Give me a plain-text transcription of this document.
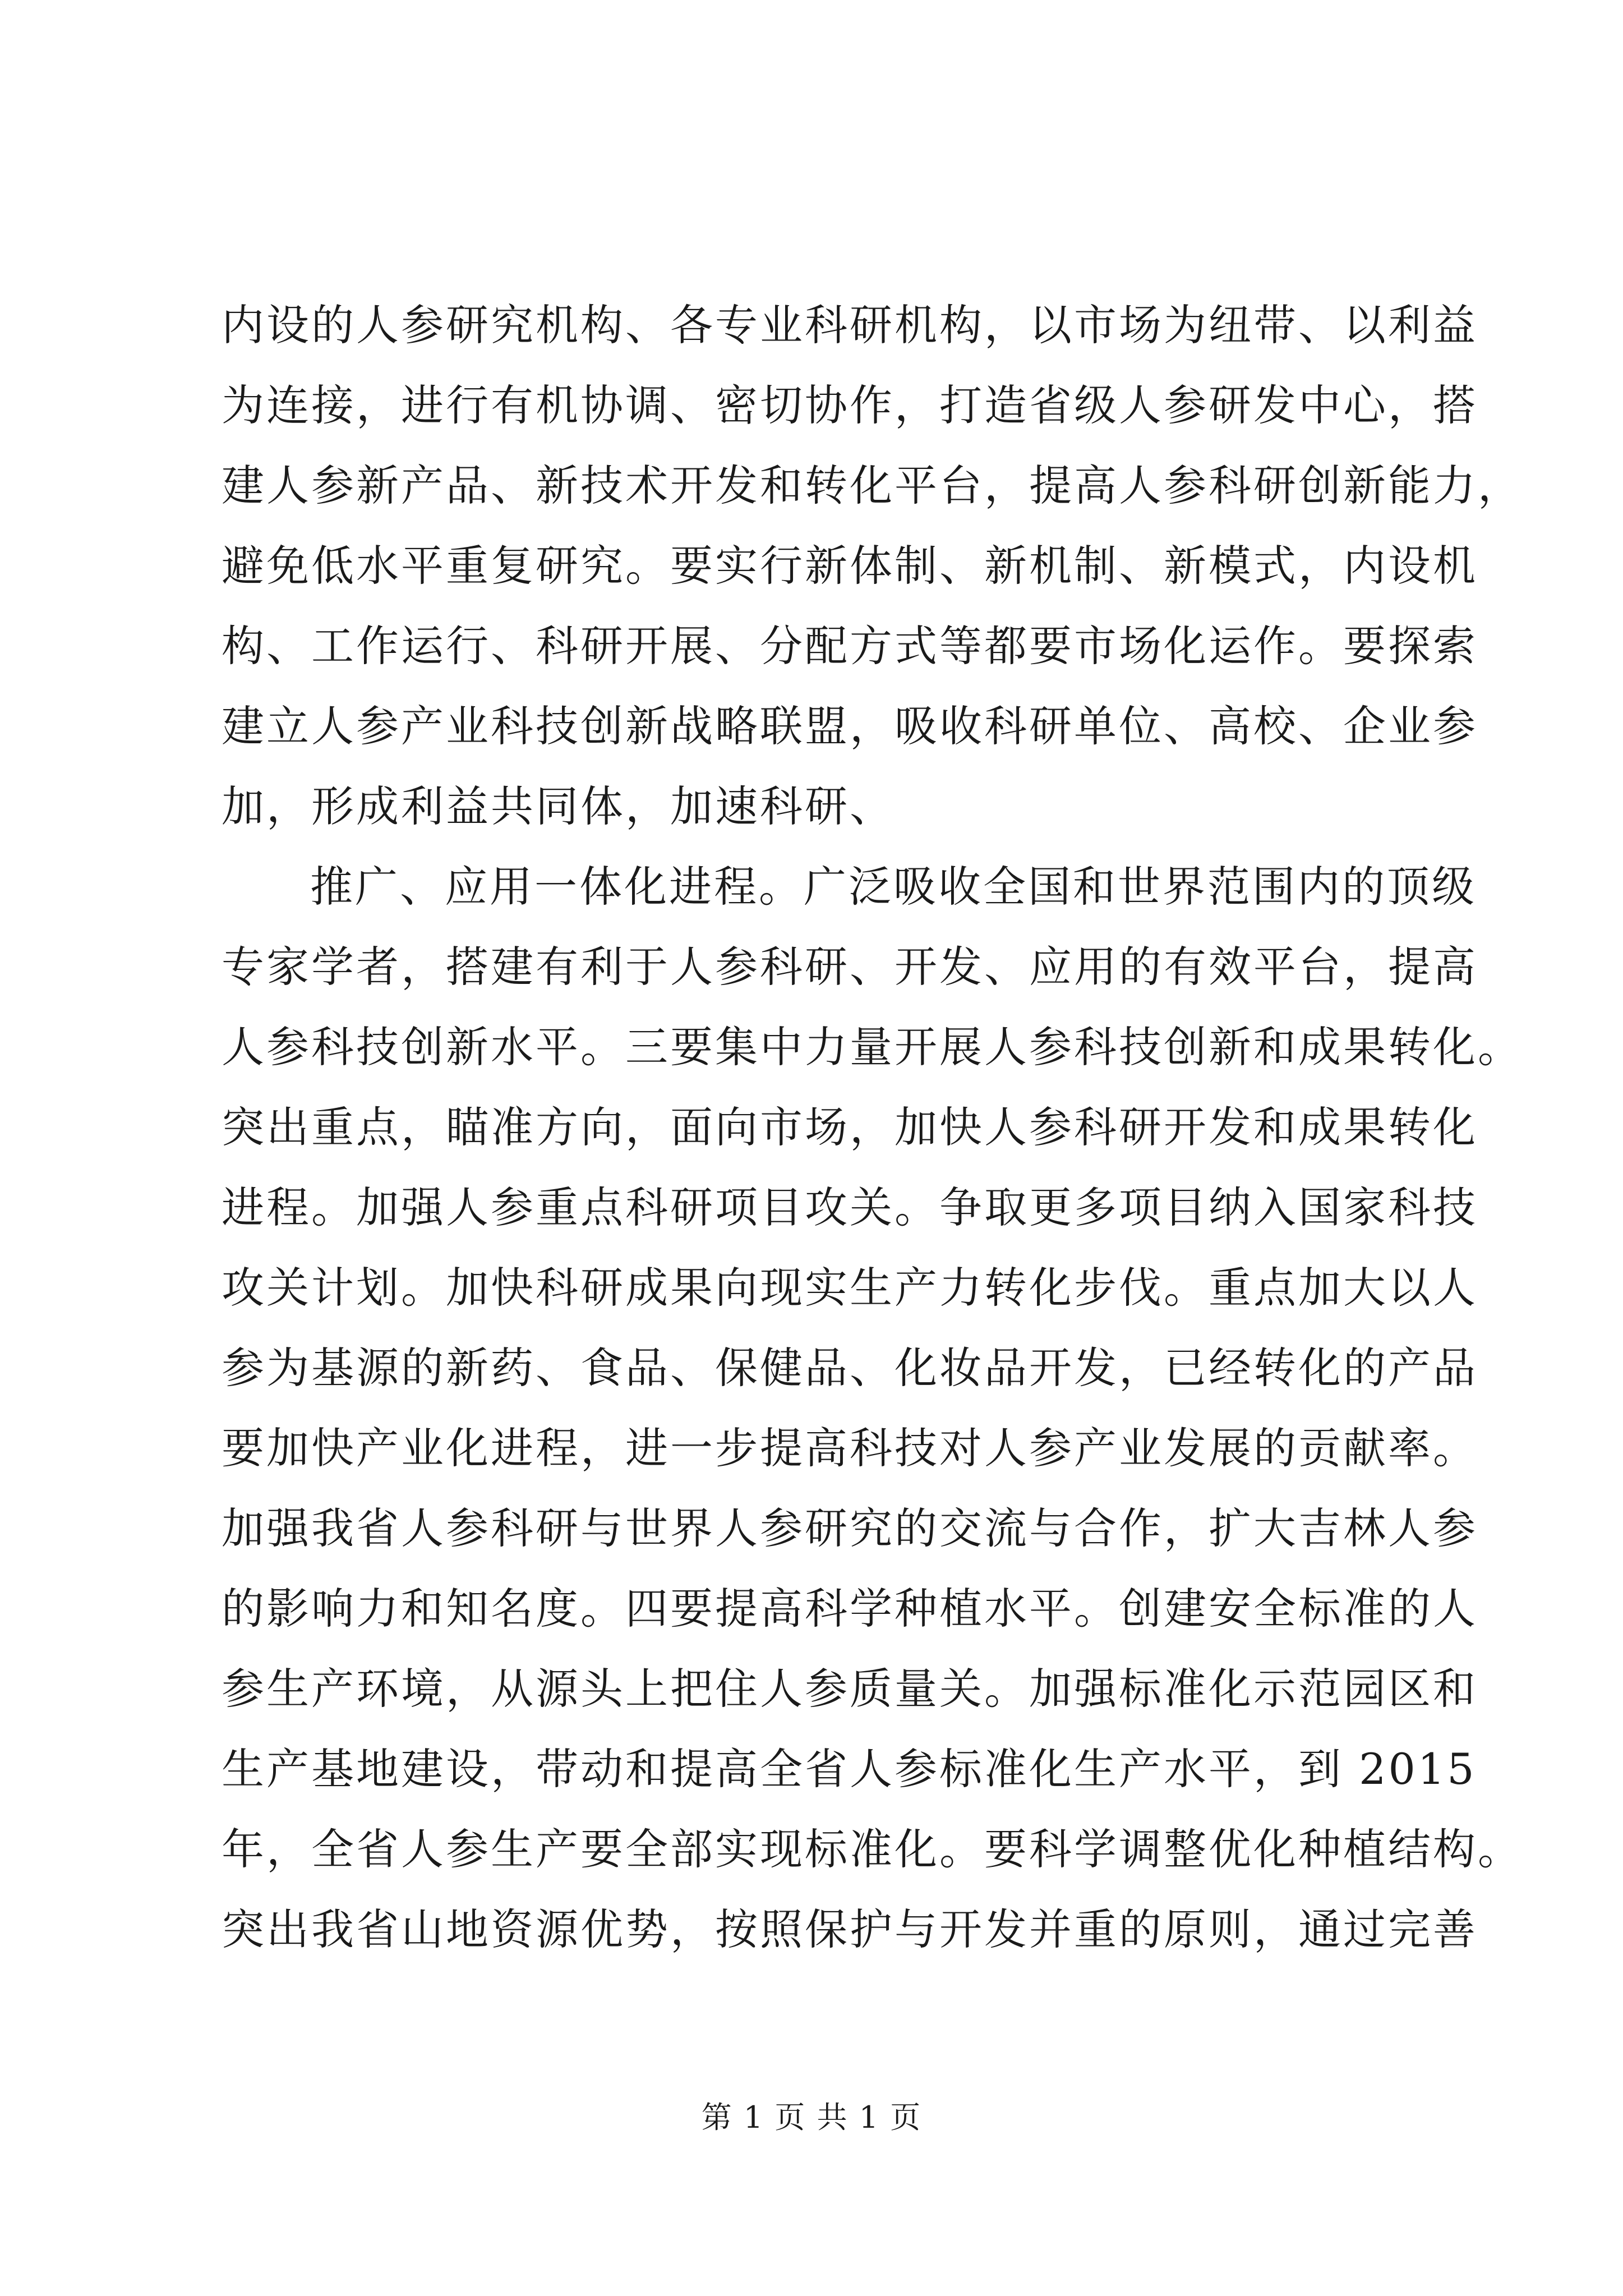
内设的人参研究机构、各专业科研机构，以市场为纽带、以利益
为连接，进行有机协调、密切协作，打造省级人参研发中心，搭
建人参新产品、新技术开发和转化平台，提高人参科研创新能力，
避免低水平重复研究。要实行新体制、新机制、新模式，内设机
构、工作运行、科研开展、分配方式等都要市场化运作。要探索
建立人参产业科技创新战略联盟，吸收科研单位、高校、企业参
加，形成利益共同体，加速科研、
推广、应用一体化进程。广泛吸收全国和世界范围内的顶级
专家学者，搭建有利于人参科研、开发、应用的有效平台，提高
人参科技创新水平。三要集中力量开展人参科技创新和成果转化。
突出重点，瞄准方向，面向市场，加快人参科研开发和成果转化
进程。加强人参重点科研项目攻关。争取更多项目纳入国家科技
攻关计划。加快科研成果向现实生产力转化步伐。重点加大以人
参为基源的新药、食品、保健品、化妆品开发，已经转化的产品
要加快产业化进程，进一步提高科技对人参产业发展的贡献率。
加强我省人参科研与世界人参研究的交流与合作，扩大吉林人参
的影响力和知名度。四要提高科学种植水平。创建安全标准的人
参生产环境，从源头上把住人参质量关。加强标准化示范园区和
生产基地建设，带动和提高全省人参标准化生产水平，到 2015
年，全省人参生产要全部实现标准化。要科学调整优化种植结构。
突出我省山地资源优势，按照保护与开发并重的原则，通过完善
第 1 页 共 1 页
